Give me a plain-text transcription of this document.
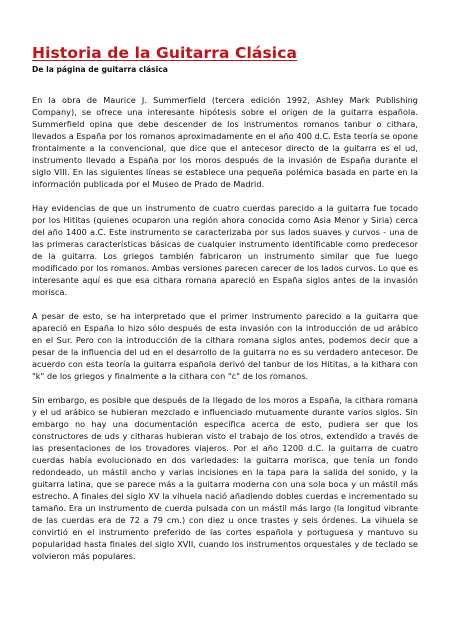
Historia de la Guitarra Clásica
De la página de guitarra clásica

En la obra de Maurice J. Summerfield (tercera edición 1992, Ashley Mark Publishing Company), se ofrece una interesante hipótesis sobre el origen de la guitarra española. Summerfield opina que debe descender de los instrumentos romanos tanbur o cithara, llevados a España por los romanos aproximadamente en el año 400 d.C. Esta teoría se opone frontalmente a la convencional, que dice que el antecesor directo de la guitarra es el ud, instrumento llevado a España por los moros después de la invasión de España durante el siglo VIII. En las siguientes líneas se establece una pequeña polémica basada en parte en la información publicada por el Museo de Prado de Madrid.

Hay evidencias de que un instrumento de cuatro cuerdas parecido a la guitarra fue tocado por los Hititas (quienes ocuparon una región ahora conocida como Asia Menor y Siria) cerca del año 1400 a.C. Este instrumento se caracterizaba por sus lados suaves y curvos - una de las primeras características básicas de cualquier instrumento identificable como predecesor de la guitarra. Los griegos también fabricaron un instrumento similar que fue luego modificado por los romanos. Ambas versiones parecen carecer de los lados curvos. Lo que es interesante aquí es que esa cithara romana apareció en España siglos antes de la invasión morisca.

A pesar de esto, se ha interpretado que el primer instrumento parecido a la guitarra que apareció en España lo hizo sólo después de esta invasión con la introducción de ud arábico en el Sur. Pero con la introducción de la cithara romana siglos antes, podemos decir que a pesar de la influencia del ud en el desarrollo de la guitarra no es su verdadero antecesor. De acuerdo con esta teoría la guitarra española derivó del tanbur de los Hititas, a la kithara con "k" de los griegos y finalmente a la cithara con "c" de los romanos.

Sin embargo, es posible que después de la llegado de los moros a España, la cithara romana y el ud arábico se hubieran mezclado e influenciado mutuamente durante varios siglos. Sin embargo no hay una documentación específica acerca de esto, pudiera ser que los constructores de uds y citharas hubieran visto el trabajo de los otros, extendido a través de las presentaciones de los trovadores viajeros. Por el año 1200 d.C. la guitarra de cuatro cuerdas había evolucionado en dos variedades: la guitarra morisca, que tenía un fondo redondeado, un mástil ancho y varias incisiones en la tapa para la salida del sonido, y la guitarra latina, que se parece más a la guitarra moderna con una sola boca y un mástil más estrecho. A finales del siglo XV la vihuela nació añadiendo dobles cuerdas e incrementado su tamaño. Era un instrumento de cuerda pulsada con un mástil más largo (la longitud vibrante de las cuerdas era de 72 a 79 cm.) con diez u once trastes y seis órdenes. La vihuela se convirtió en el instrumento preferido de las cortes española y portuguesa y mantuvo su popularidad hasta finales del siglo XVII, cuando los instrumentos orquestales y de teclado se volvieron más populares.
